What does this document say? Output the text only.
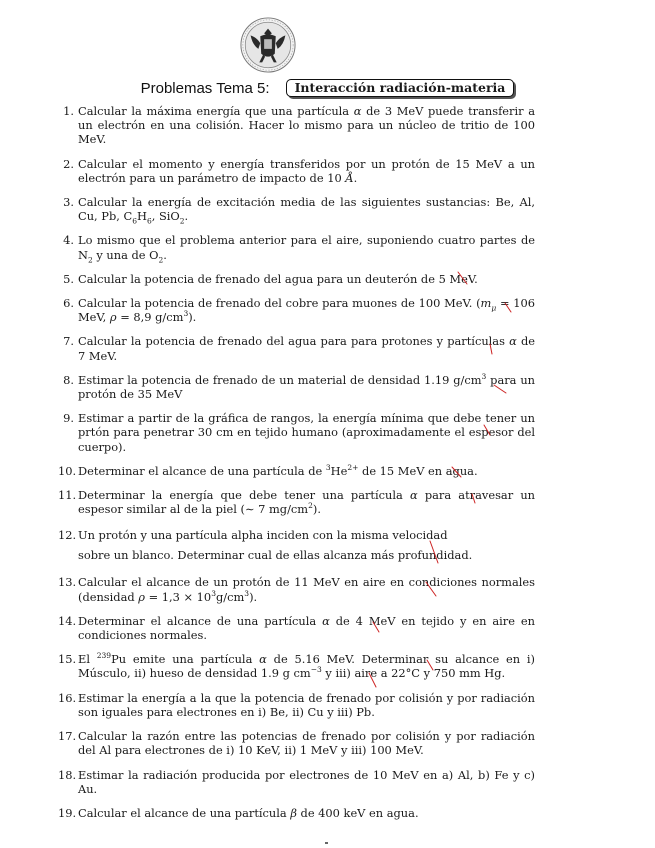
Problemas Tema 5:	Interacción radiación-materia
1. Calcular la máxima energía que una partícula α de 3 MeV puede transferir a un electrón en una colisión. Hacer lo mismo para un núcleo de tritio de 100 MeV.
2. Calcular el momento y energía transferidos por un protón de 15 MeV a un electrón para un parámetro de impacto de 10 Å.
3. Calcular la energía de excitación media de las siguientes sustancias: Be, Al, Cu, Pb, $C_6H_6$, SiO$_2$.
4. Lo mismo que el problema anterior para el aire, suponiendo cuatro partes de $N_2$ y una de $O_2$.
5. Calcular la potencia de frenado del agua para un deuterón de 5 MeV.
6. Calcular la potencia de frenado del cobre para muones de 100 MeV. ($m_\mu = 106$ MeV, ρ = 8,9 $g/cm^3$).
7. Calcular la potencia de frenado del agua para para protones y partículas α de 7 MeV.
8. Estimar la potencia de frenado de un material de densidad 1.19 $g/cm^3$ para un protón de 35 MeV
9. Estimar a partir de la gráfica de rangos, la energía mínima que debe tener un prtón para penetrar 30 cm en tejido humano (aproximadamente el espesor del cuerpo).
10. Determinar el alcance de una partícula de $^3He^{2+}$ de 15 MeV en agua.
11. Determinar la energía que debe tener una partícula α para atravesar un espesor similar al de la piel (∼ 7 $mg/cm^2$).
12. Un protón y una partícula alpha inciden con la misma velocidad sobre un blanco. Determinar cual de ellas alcanza más profundidad.
13. Calcular el alcance de un protón de 11 MeV en aire en condiciones normales (densidad $\rho = 1,3 \times 10^3g/cm^3$).
14. Determinar el alcance de una partícula α de 4 MeV en tejido y en aire en condiciones normales.
15. El $^{239}$Pu emite una partícula α de 5.16 MeV. Determinar su alcance en i) Músculo, ii) hueso de densidad 1.9 g $cm^{-3}$ y iii) aire a 22°C y 750 mm Hg.
16. Estimar la energía a la que la potencia de frenado por colisión y por radiación son iguales para electrones en i) Be, ii) Cu y iii) Pb.
17. Calcular la razón entre las potencias de frenado por colisión y por radiación del Al para electrones de i) 10 KeV, ii) 1 MeV y iii) 100 MeV.
18. Estimar la radiación producida por electrones de 10 MeV en a) Al, b) Fe y c) Au.
19. Calcular el alcance de una partícula β de 400 keV en agua.
